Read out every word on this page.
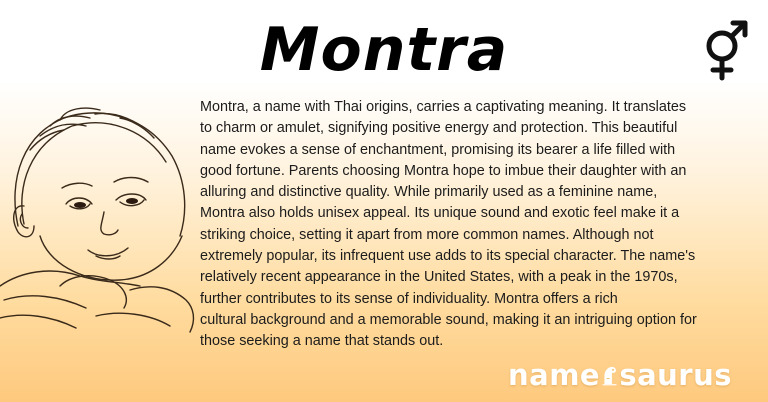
Montra
Montra, a name with Thai origins, carries a captivating meaning. It translates
to charm or amulet, signifying positive energy and protection. This beautiful
name evokes a sense of enchantment, promising its bearer a life filled with
good fortune. Parents choosing Montra hope to imbue their daughter with an
alluring and distinctive quality. While primarily used as a feminine name,
Montra also holds unisex appeal. Its unique sound and exotic feel make it a
striking choice, setting it apart from more common names. Although not
extremely popular, its infrequent use adds to its special character. The name's
relatively recent appearance in the United States, with a peak in the 1970s,
further contributes to its sense of individuality. Montra offers a rich
cultural background and a memorable sound, making it an intriguing option for
those seeking a name that stands out.
name saurus
